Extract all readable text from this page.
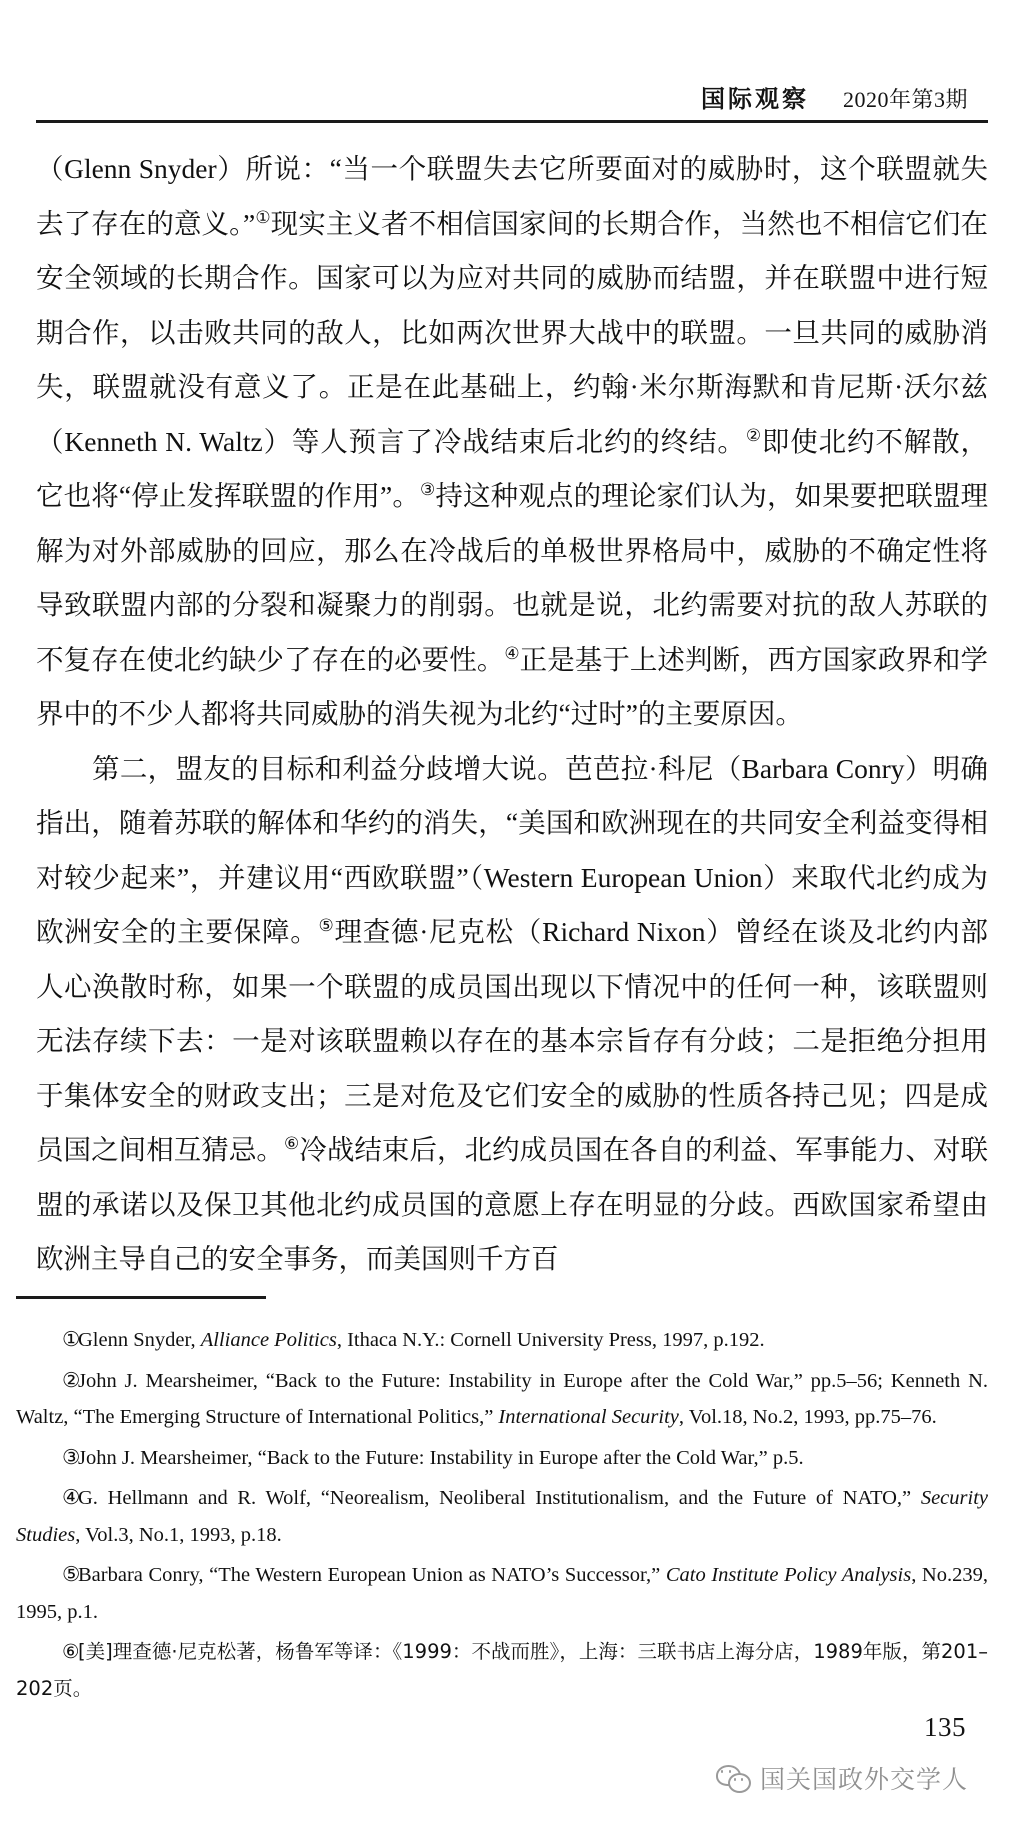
国际观察 2020年第3期

（Glenn Snyder）所说：“当一个联盟失去它所要面对的威胁时，这个联盟就失去了存在的意义。”①现实主义者不相信国家间的长期合作，当然也不相信它们在安全领域的长期合作。国家可以为应对共同的威胁而结盟，并在联盟中进行短期合作，以击败共同的敌人，比如两次世界大战中的联盟。一旦共同的威胁消失，联盟就没有意义了。正是在此基础上，约翰·米尔斯海默和肯尼斯·沃尔兹（Kenneth N. Waltz）等人预言了冷战结束后北约的终结。②即使北约不解散，它也将“停止发挥联盟的作用”。③持这种观点的理论家们认为，如果要把联盟理解为对外部威胁的回应，那么在冷战后的单极世界格局中，威胁的不确定性将导致联盟内部的分裂和凝聚力的削弱。也就是说，北约需要对抗的敌人苏联的不复存在使北约缺少了存在的必要性。④正是基于上述判断，西方国家政界和学界中的不少人都将共同威胁的消失视为北约“过时”的主要原因。

第二，盟友的目标和利益分歧增大说。芭芭拉·科尼（Barbara Conry）明确指出，随着苏联的解体和华约的消失，“美国和欧洲现在的共同安全利益变得相对较少起来”，并建议用“西欧联盟”（Western European Union）来取代北约成为欧洲安全的主要保障。⑤理查德·尼克松（Richard Nixon）曾经在谈及北约内部人心涣散时称，如果一个联盟的成员国出现以下情况中的任何一种，该联盟则无法存续下去：一是对该联盟赖以存在的基本宗旨存有分歧；二是拒绝分担用于集体安全的财政支出；三是对危及它们安全的威胁的性质各持己见；四是成员国之间相互猜忌。⑥冷战结束后，北约成员国在各自的利益、军事能力、对联盟的承诺以及保卫其他北约成员国的意愿上存在明显的分歧。西欧国家希望由欧洲主导自己的安全事务，而美国则千方百

①Glenn Snyder, Alliance Politics, Ithaca N.Y.: Cornell University Press, 1997, p.192.

②John J. Mearsheimer, “Back to the Future: Instability in Europe after the Cold War,” pp.5–56; Kenneth N. Waltz, “The Emerging Structure of International Politics,” International Security, Vol.18, No.2, 1993, pp.75–76.

③John J. Mearsheimer, “Back to the Future: Instability in Europe after the Cold War,” p.5.

④G. Hellmann and R. Wolf, “Neorealism, Neoliberal Institutionalism, and the Future of NATO,” Security Studies, Vol.3, No.1, 1993, p.18.

⑤Barbara Conry, “The Western European Union as NATO’s Successor,” Cato Institute Policy Analysis, No.239, 1995, p.1.

⑥[美]理查德·尼克松著，杨鲁军等译：《1999：不战而胜》，上海：三联书店上海分店，1989年版，第201–202页。

135
国关国政外交学人
